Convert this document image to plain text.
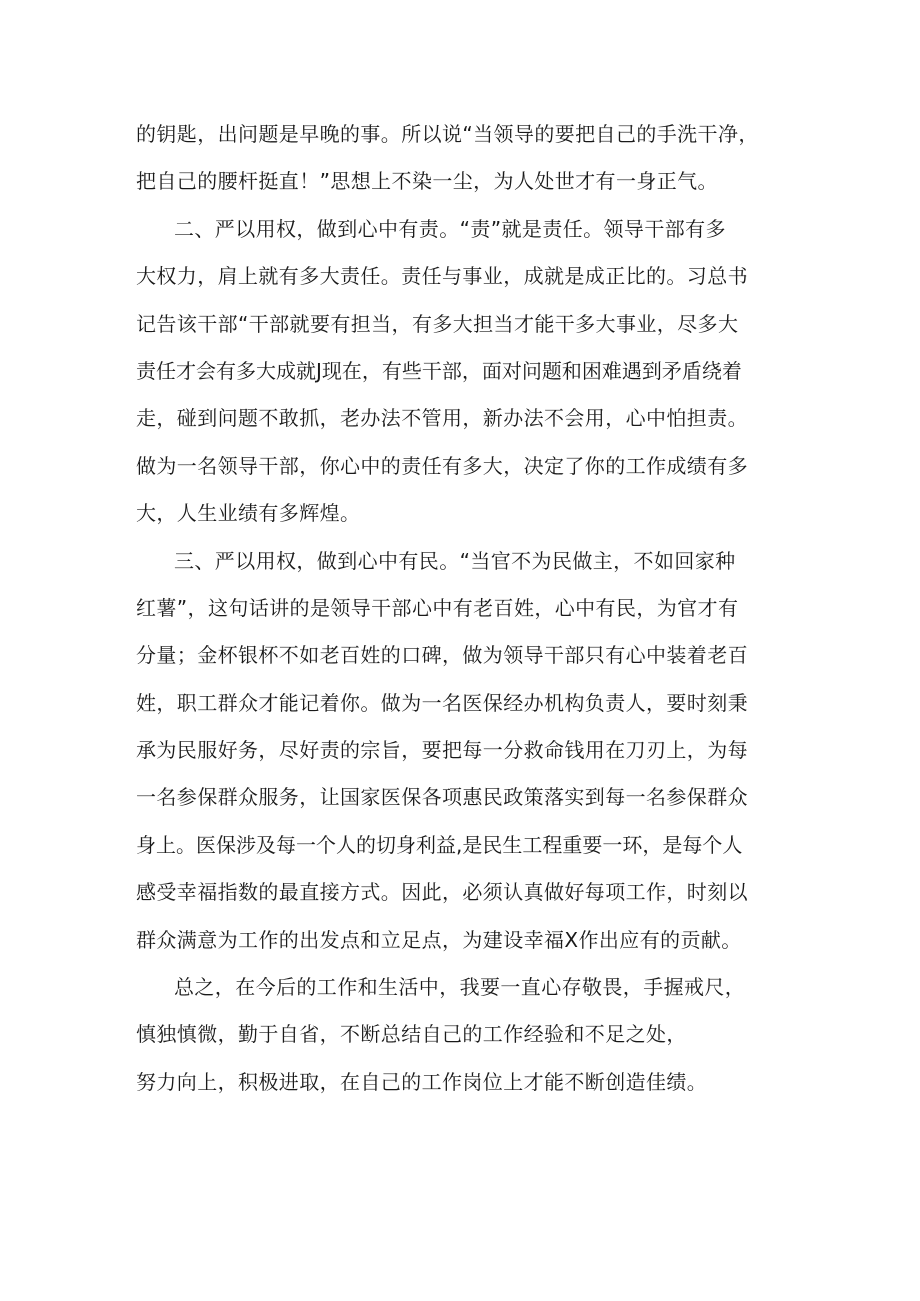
的钥匙，出问题是早晚的事。所以说“当领导的要把自己的手洗干净，
把自己的腰杆挺直！”思想上不染一尘，为人处世才有一身正气。
二、严以用权，做到心中有责。“责”就是责任。领导干部有多
大权力，肩上就有多大责任。责任与事业，成就是成正比的。习总书
记告该干部“干部就要有担当，有多大担当才能干多大事业，尽多大
责任才会有多大成就J现在，有些干部，面对问题和困难遇到矛盾绕着
走，碰到问题不敢抓，老办法不管用，新办法不会用，心中怕担责。
做为一名领导干部，你心中的责任有多大，决定了你的工作成绩有多
大，人生业绩有多辉煌。
三、严以用权，做到心中有民。“当官不为民做主，不如回家种
红薯”，这句话讲的是领导干部心中有老百姓，心中有民，为官才有
分量；金杯银杯不如老百姓的口碑，做为领导干部只有心中装着老百
姓，职工群众才能记着你。做为一名医保经办机构负责人，要时刻秉
承为民服好务，尽好责的宗旨，要把每一分救命钱用在刀刃上，为每
一名参保群众服务，让国家医保各项惠民政策落实到每一名参保群众
身上。医保涉及每一个人的切身利益,是民生工程重要一环，是每个人
感受幸福指数的最直接方式。因此，必须认真做好每项工作，时刻以
群众满意为工作的出发点和立足点，为建设幸福X作出应有的贡献。
总之，在今后的工作和生活中，我要一直心存敬畏，手握戒尺，
慎独慎微，勤于自省，不断总结自己的工作经验和不足之处，
努力向上，积极进取，在自己的工作岗位上才能不断创造佳绩。
